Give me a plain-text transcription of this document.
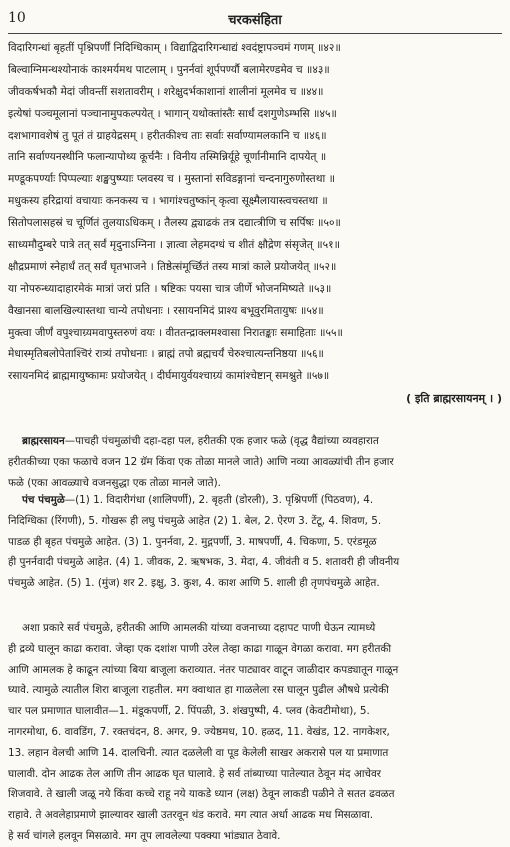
10	चरकसंहिता
विदारिगन्धां बृहतीं पृश्निपर्णीं निदिग्धिकाम् । विद्याद्विदारिगन्धाद्यं श्वदंष्ट्रापञ्चमं गणम् ॥४२॥
बिल्वाग्निमन्थश्योनाकं काश्मर्यमथ पाटलाम् । पुनर्नवां शूर्पपर्ण्यौ बलामेरण्डमेव च ॥४३॥
जीवकर्षभकौ मेदां जीवन्तीं सशतावरीम् । शरेक्षुदर्भकाशानां शालीनां मूलमेव च ॥४४॥
इत्येषां पञ्चमूलानां पञ्चानामुपकल्पयेत् । भागान् यथोक्तांस्तैः सार्धं दशगुणेऽम्भसि ॥४५॥
दशभागावशेषं तु पूतं तं ग्राहयेद्रसम् । हरीतकीश्च ताः सर्वाः सर्वाण्यामलकानि च ॥४६॥
तानि सर्वाण्यनस्थीनि फलान्यापोथ्य कूर्चनैः । विनीय तस्मिन्निर्यूहे चूर्णानीमानि दापयेत् ॥
मण्डूकपर्ण्याः पिप्पल्याः शङ्खपुष्प्याः प्लवस्य च । मुस्तानां सविडङ्गानां चन्दनागुरुणोस्तथा ॥
मधुकस्य हरिद्रायां वचायाः कनकस्य च । भागांश्चतुष्कांन् कृत्वा सूक्ष्मैलायास्त्वचस्तथा ॥
सितोपलासहस्रं च चूर्णितं तुलयाऽधिकम् । तैलस्य द्व्याढकं तत्र दद्यात्त्रीणि च सर्पिषः ॥५०॥
साध्यमौदुम्बरे पात्रे तत् सर्वं मृदुनाऽग्निना । ज्ञात्वा लेहमदग्धं च शीतं क्षौद्रेण संसृजेत् ॥५१॥
क्षौद्रप्रमाणं स्नेहार्धं तत् सर्वं घृतभाजने । तिष्ठेत्संमूर्च्छितं तस्य मात्रां काले प्रयोजयेत् ॥५२॥
या नोपरुन्ध्यादाहारमेकं मात्रां जरां प्रति । षष्टिकः पयसा चात्र जीर्णे भोजनमिष्यते ॥५३॥
वैखानसा बालखिल्यास्तथा चान्ये तपोधनाः । रसायनमिदं प्राश्य बभूवुरमितायुषः ॥५४॥
मुक्त्वा जीर्णं वपुश्चाग्र्यमवापुस्तरुणं वयः । वीततन्द्राक्लमश्वासा निरातङ्काः समाहिताः ॥५५॥
मेधास्मृतिबलोपेताश्चिरं रात्र्यं तपोधनाः । ब्राह्मं तपो ब्रह्मचर्यं चेरुश्चात्यन्तनिष्ठया ॥५६॥
रसायनमिदं ब्राह्ममायुष्कामः प्रयोजयेत् । दीर्घमायुर्वयश्चाग्र्यं कामांश्चेष्टान् समश्नुते ॥५७॥
( इति ब्राह्मरसायनम् । )
ब्राह्मरसायन—पाचही पंचमुळांची दहा-दहा पल, हरीतकी एक हजार फळे (वृद्ध वैद्यांच्या व्यवहारात
हरीतकीच्या एका फळाचे वजन 12 ग्रॅम किंवा एक तोळा मानले जाते) आणि नव्या आवळ्यांची तीन हजार
फळे (एका आवळ्याचे वजनसुद्धा एक तोळा मानले जाते).
पंच पंचमुळे—(1) 1. विदारीगंधा (शालिपर्णी), 2. बृहती (डोरली), 3. पृश्निपर्णी (पिठवण), 4.
निदिग्धिका (रिंगणी), 5. गोखरू ही लघु पंचमुळे आहेत (2) 1. बेल, 2. ऐरण 3. टेंटू, 4. शिवण, 5.
पाडळ ही बृहत पंचमुळे आहेत. (3) 1. पुनर्नवा, 2. मुद्गपर्णी, 3. माषपर्णी, 4. चिकणा, 5. एरंडमूळ
ही पुनर्नवादी पंचमुळे आहेत. (4) 1. जीवक, 2. ऋषभक, 3. मेदा, 4. जीवंती व 5. शतावरी ही जीवनीय
पंचमुळे आहेत. (5) 1. (मुंज) शर 2. इक्षु, 3. कुश, 4. काश आणि 5. शाली ही तृणपंचमुळे आहेत.
अशा प्रकारे सर्व पंचमुळे, हरीतकी आणि आमलकी यांच्या वजनाच्या दहापट पाणी घेऊन त्यामध्ये
ही द्रव्ये घालून काढा करावा. जेव्हा एक दशांश पाणी उरेल तेव्हा काढा गाळून वेगळा करावा. मग हरीतकी
आणि आमलक हे काढून त्यांच्या बिया बाजूला कराव्यात. नंतर पाट्यावर वाटून जाळीदार कपड्यातून गाळून
घ्यावे. त्यामुळे त्यातील शिरा बाजूला राहतील. मग क्वाथात हा गाळलेला रस घालून पुढील औषधे प्रत्येकी
चार पल प्रमाणात घालावीत—1. मंडूकपर्णी, 2. पिंपळी, 3. शंखपुष्पी, 4. प्लव (केवटीमोथा), 5.
नागरमोथा, 6. वावडिंग, 7. रक्तचंदन, 8. अगर, 9. ज्येष्ठमध, 10. हळद, 11. वेखंड, 12. नागकेशर,
13. लहान वेलची आणि 14. दालचिनी. त्यात दळलेली वा पूड केलेली साखर अकरासे पल या प्रमाणात
घालावी. दोन आढक तेल आणि तीन आढक घृत घालावे. हे सर्व तांब्याच्या पातेल्यात ठेवून मंद आचेवर
शिजवावे. ते खाली जळू नये किंवा कच्चे राहू नये याकडे ध्यान (लक्ष) ठेवून लाकडी पळीने ते सतत ढवळत
राहावे. ते अवलेहाप्रमाणे झाल्यावर खाली उतरवून थंड करावे. मग त्यात अर्धा आढक मध मिसळावा.
हे सर्व चांगले हलवून मिसळावे. मग तूप लावलेल्या पक्क्या भांड्यात ठेवावे.
